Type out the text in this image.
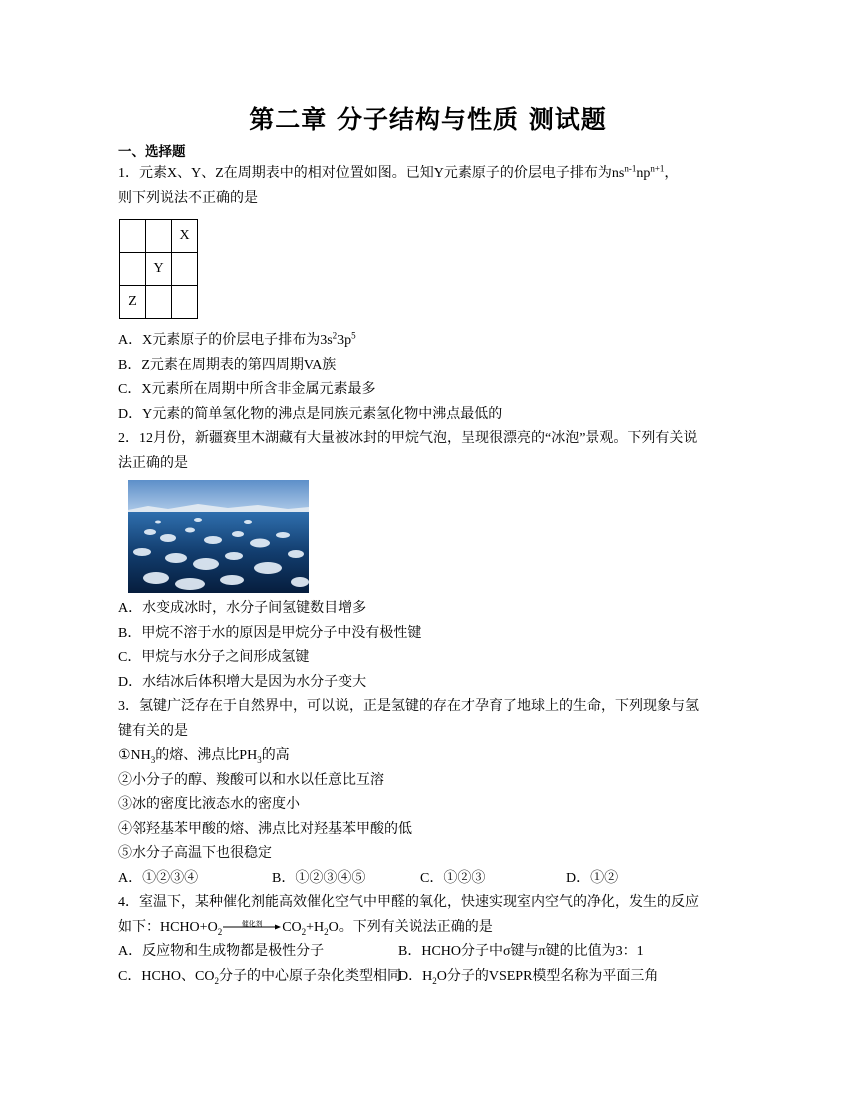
第二章 分子结构与性质 测试题

一、选择题

1．元素X、Y、Z在周期表中的相对位置如图。已知Y元素原子的价层电子排布为$ns^{n-1}np^{n+1}$，

则下列说法不正确的是

		X
	Y	
Z		

A．X元素原子的价层电子排布为$3s^23p^5$

B．Z元素在周期表的第四周期VA族

C．X元素所在周期中所含非金属元素最多

D．Y元素的简单氢化物的沸点是同族元素氢化物中沸点最低的

2．12月份，新疆赛里木湖藏有大量被冰封的甲烷气泡，呈现很漂亮的“冰泡”景观。下列有关说

法正确的是

A．水变成冰时，水分子间氢键数目增多

B．甲烷不溶于水的原因是甲烷分子中没有极性键

C．甲烷与水分子之间形成氢键

D．水结冰后体积增大是因为水分子变大

3．氢键广泛存在于自然界中，可以说，正是氢键的存在才孕育了地球上的生命，下列现象与氢

键有关的是

$①NH_3$的熔、沸点比$PH_3$的高

②小分子的醇、羧酸可以和水以任意比互溶

③冰的密度比液态水的密度小

④邻羟基苯甲酸的熔、沸点比对羟基苯甲酸的低

⑤水分子高温下也很稳定

A．①②③④	B．①②③④⑤	C．①②③	D．①②

4．室温下，某种催化剂能高效催化空气中甲醛的氧化，快速实现室内空气的净化，发生的反应

如下：$HCHO+O_2$
催化剂	$CO_2+H_2O$。下列有关说法正确的是

A．反应物和生成物都是极性分子	B．HCHO分子中σ键与π键的比值为3：1
C．HCHO、$CO_2$分子的中心原子杂化类型相同
D．$H_2O$分子的VSEPR模型名称为平面三角
